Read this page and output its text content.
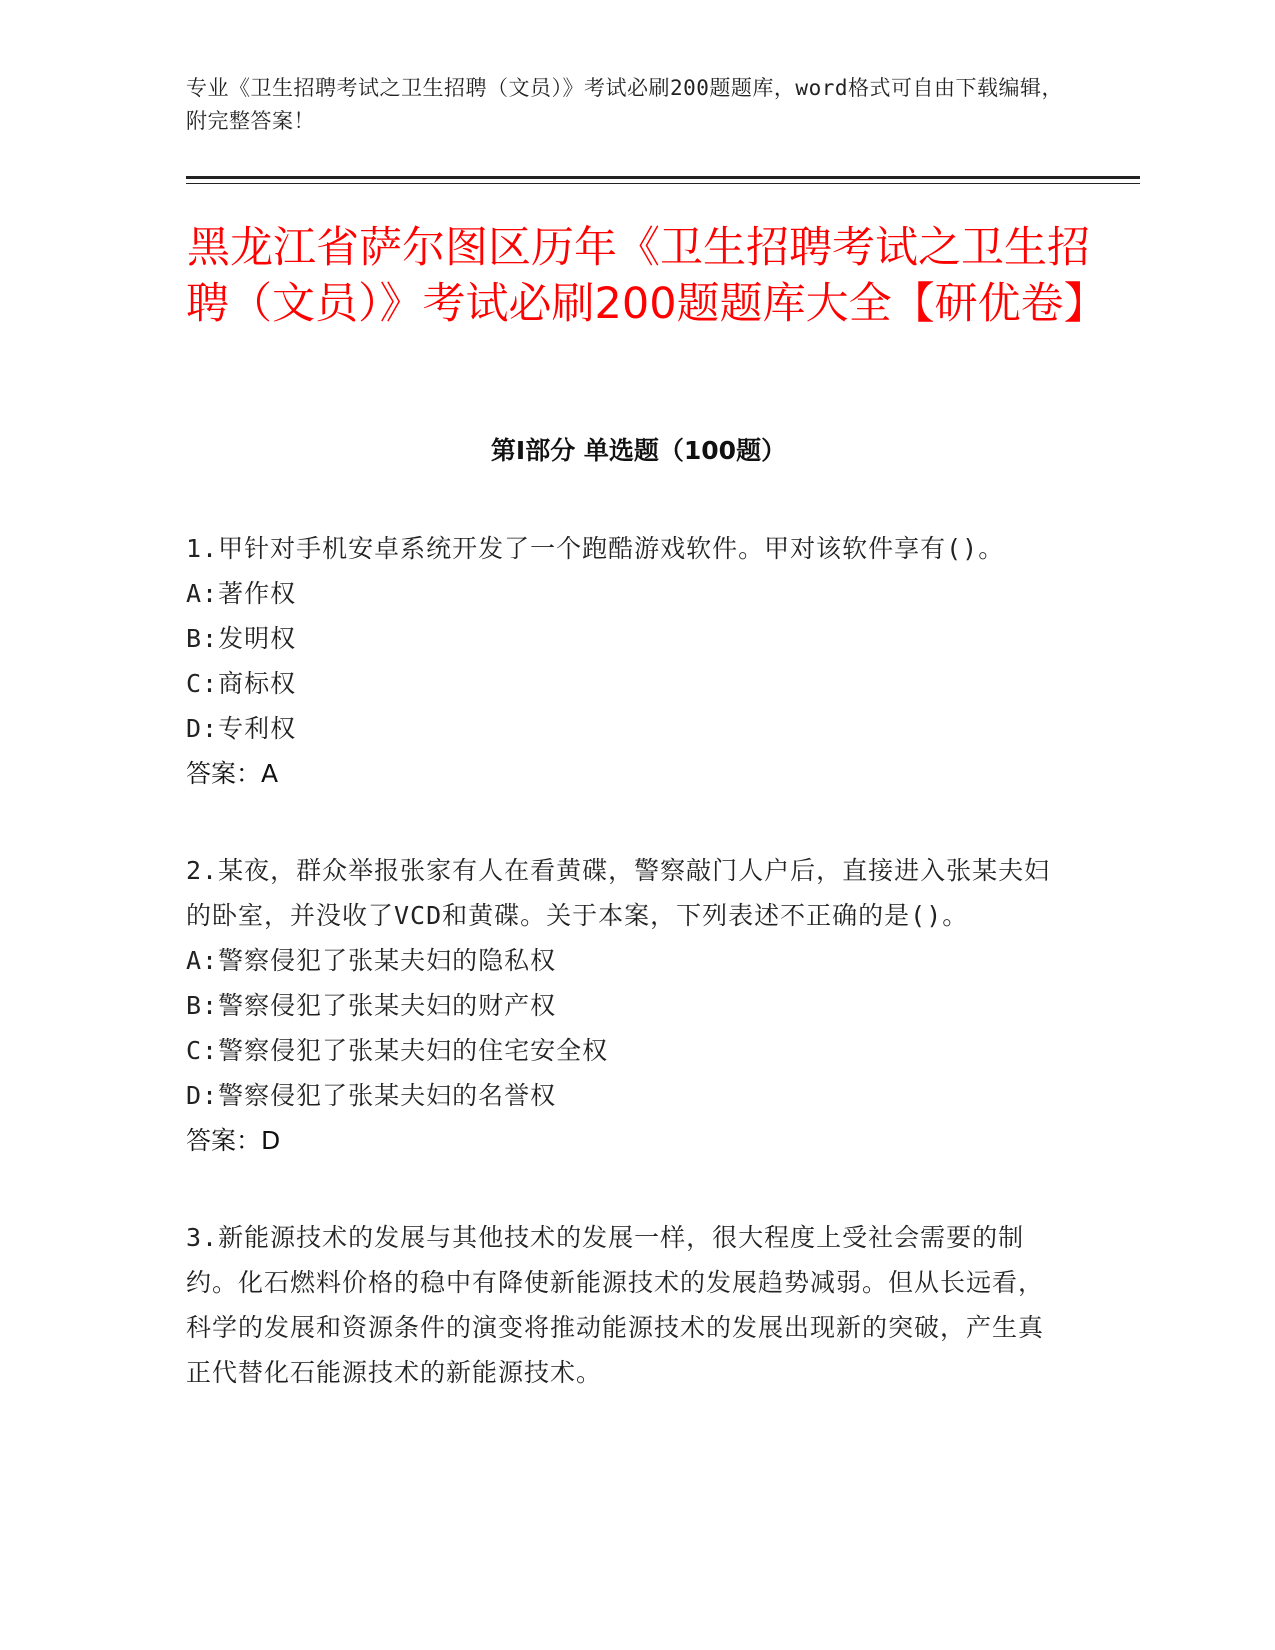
专业《卫生招聘考试之卫生招聘（文员）》考试必刷200题题库，word格式可自由下载编辑，附完整答案！
黑龙江省萨尔图区历年《卫生招聘考试之卫生招聘（文员）》考试必刷200题题库大全【研优卷】
第Ⅰ部分 单选题（100题）

1.甲针对手机安卓系统开发了一个跑酷游戏软件。甲对该软件享有()。

A:著作权

B:发明权

C:商标权

D:专利权

答案：A

2.某夜，群众举报张家有人在看黄碟，警察敲门人户后，直接进入张某夫妇的卧室，并没收了VCD和黄碟。关于本案，下列表述不正确的是()。

A:警察侵犯了张某夫妇的隐私权

B:警察侵犯了张某夫妇的财产权

C:警察侵犯了张某夫妇的住宅安全权

D:警察侵犯了张某夫妇的名誉权

答案：D

3.新能源技术的发展与其他技术的发展一样，很大程度上受社会需要的制约。化石燃料价格的稳中有降使新能源技术的发展趋势减弱。但从长远看，科学的发展和资源条件的演变将推动能源技术的发展出现新的突破，产生真正代替化石能源技术的新能源技术。
